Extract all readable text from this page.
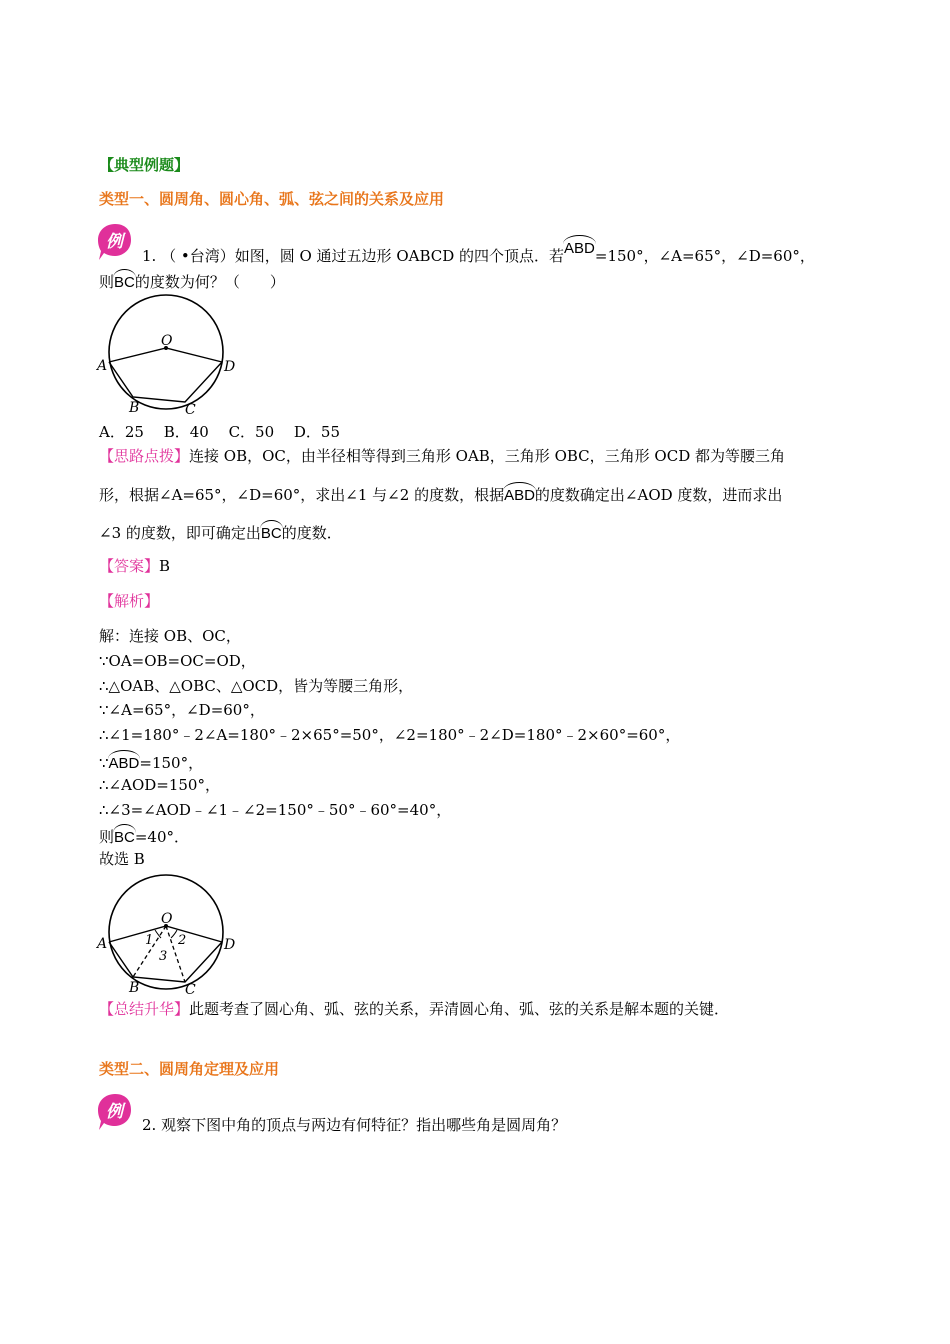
【典型例题】
类型一、圆周角、圆心角、弧、弦之间的关系及应用
例
1. （ •台湾）如图，圆 O 通过五边形 OABCD 的四个顶点．若ABD=150°，∠A=65°，∠D=60°，
则BC的度数为何？（　　）
O
A	D
B	C
A．25　 B．40　 C．50　 D．55
【思路点拨】连接 OB，OC，由半径相等得到三角形 OAB，三角形 OBC，三角形 OCD 都为等腰三角
形，根据∠A=65°，∠D=60°，求出∠1 与∠2 的度数，根据ABD的度数确定出∠AOD 度数，进而求出
∠3 的度数，即可确定出BC的度数．
【答案】B
【解析】
解：连接 OB、OC，
∵OA=OB=OC=OD，
∴△OAB、△OBC、△OCD，皆为等腰三角形，
∵∠A=65°，∠D=60°，
∴∠1=180°﹣2∠A=180°﹣2×65°=50°，∠2=180°﹣2∠D=180°﹣2×60°=60°，
∵ABD=150°，
∴∠AOD=150°，
∴∠3=∠AOD﹣∠1﹣∠2=150°﹣50°﹣60°=40°，
则BC=40°．
故选 B
O
A	D
B	C
1 2
3
【总结升华】此题考查了圆心角、弧、弦的关系，弄清圆心角、弧、弦的关系是解本题的关键．
类型二、圆周角定理及应用
例
2. 观察下图中角的顶点与两边有何特征？指出哪些角是圆周角？
